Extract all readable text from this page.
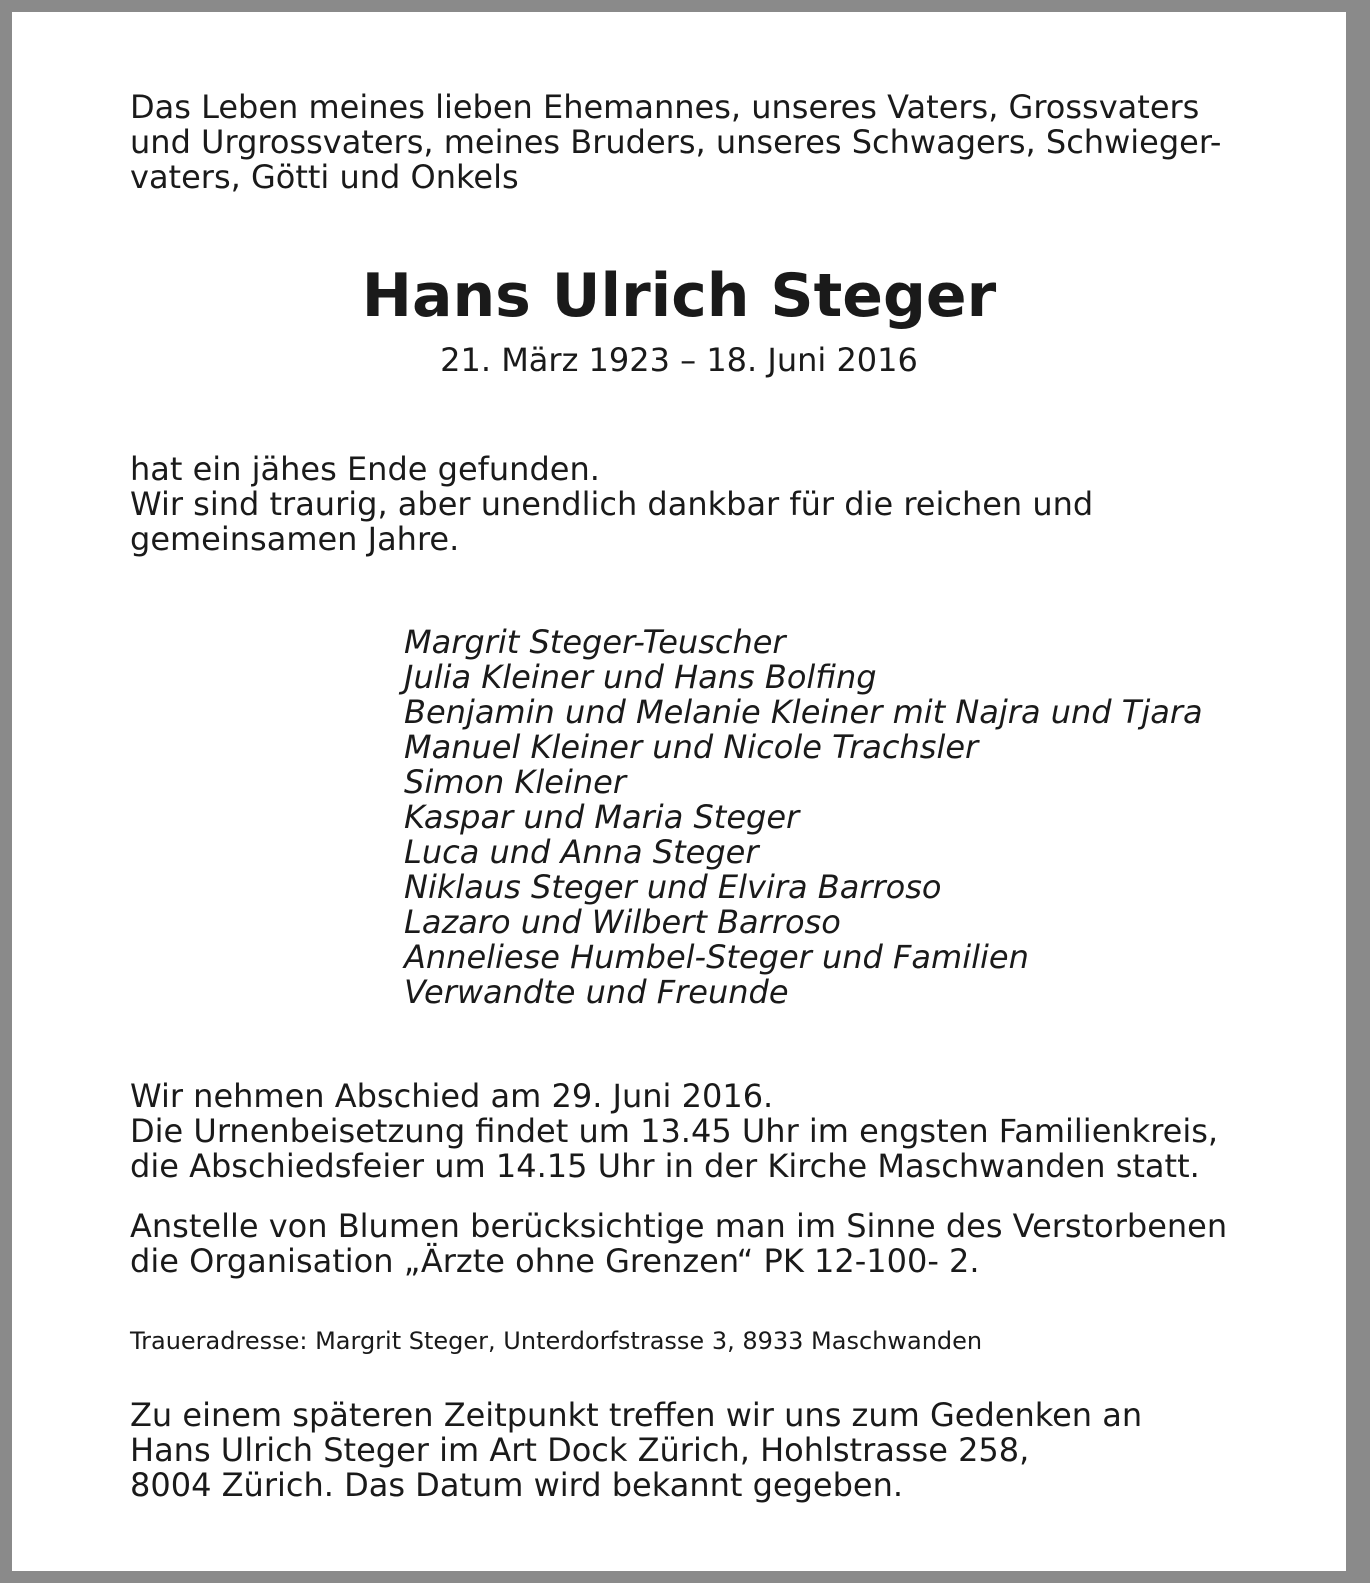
Das Leben meines lieben Ehemannes, unseres Vaters, Grossvaters
und Urgrossvaters, meines Bruders, unseres Schwagers, Schwieger-
vaters, Götti und Onkels

Hans Ulrich Steger

21. März 1923 – 18. Juni 2016

hat ein jähes Ende gefunden.
Wir sind traurig, aber unendlich dankbar für die reichen und
gemeinsamen Jahre.

Margrit Steger-Teuscher
Julia Kleiner und Hans Bolfing
Benjamin und Melanie Kleiner mit Najra und Tjara
Manuel Kleiner und Nicole Trachsler
Simon Kleiner
Kaspar und Maria Steger
Luca und Anna Steger
Niklaus Steger und Elvira Barroso
Lazaro und Wilbert Barroso
Anneliese Humbel-Steger und Familien
Verwandte und Freunde

Wir nehmen Abschied am 29. Juni 2016.
Die Urnenbeisetzung findet um 13.45 Uhr im engsten Familienkreis,
die Abschiedsfeier um 14.15 Uhr in der Kirche Maschwanden statt.

Anstelle von Blumen berücksichtige man im Sinne des Verstorbenen
die Organisation „Ärzte ohne Grenzen“ PK 12-100- 2.

Traueradresse: Margrit Steger, Unterdorfstrasse 3, 8933 Maschwanden

Zu einem späteren Zeitpunkt treffen wir uns zum Gedenken an
Hans Ulrich Steger im Art Dock Zürich, Hohlstrasse 258,
8004 Zürich. Das Datum wird bekannt gegeben.
